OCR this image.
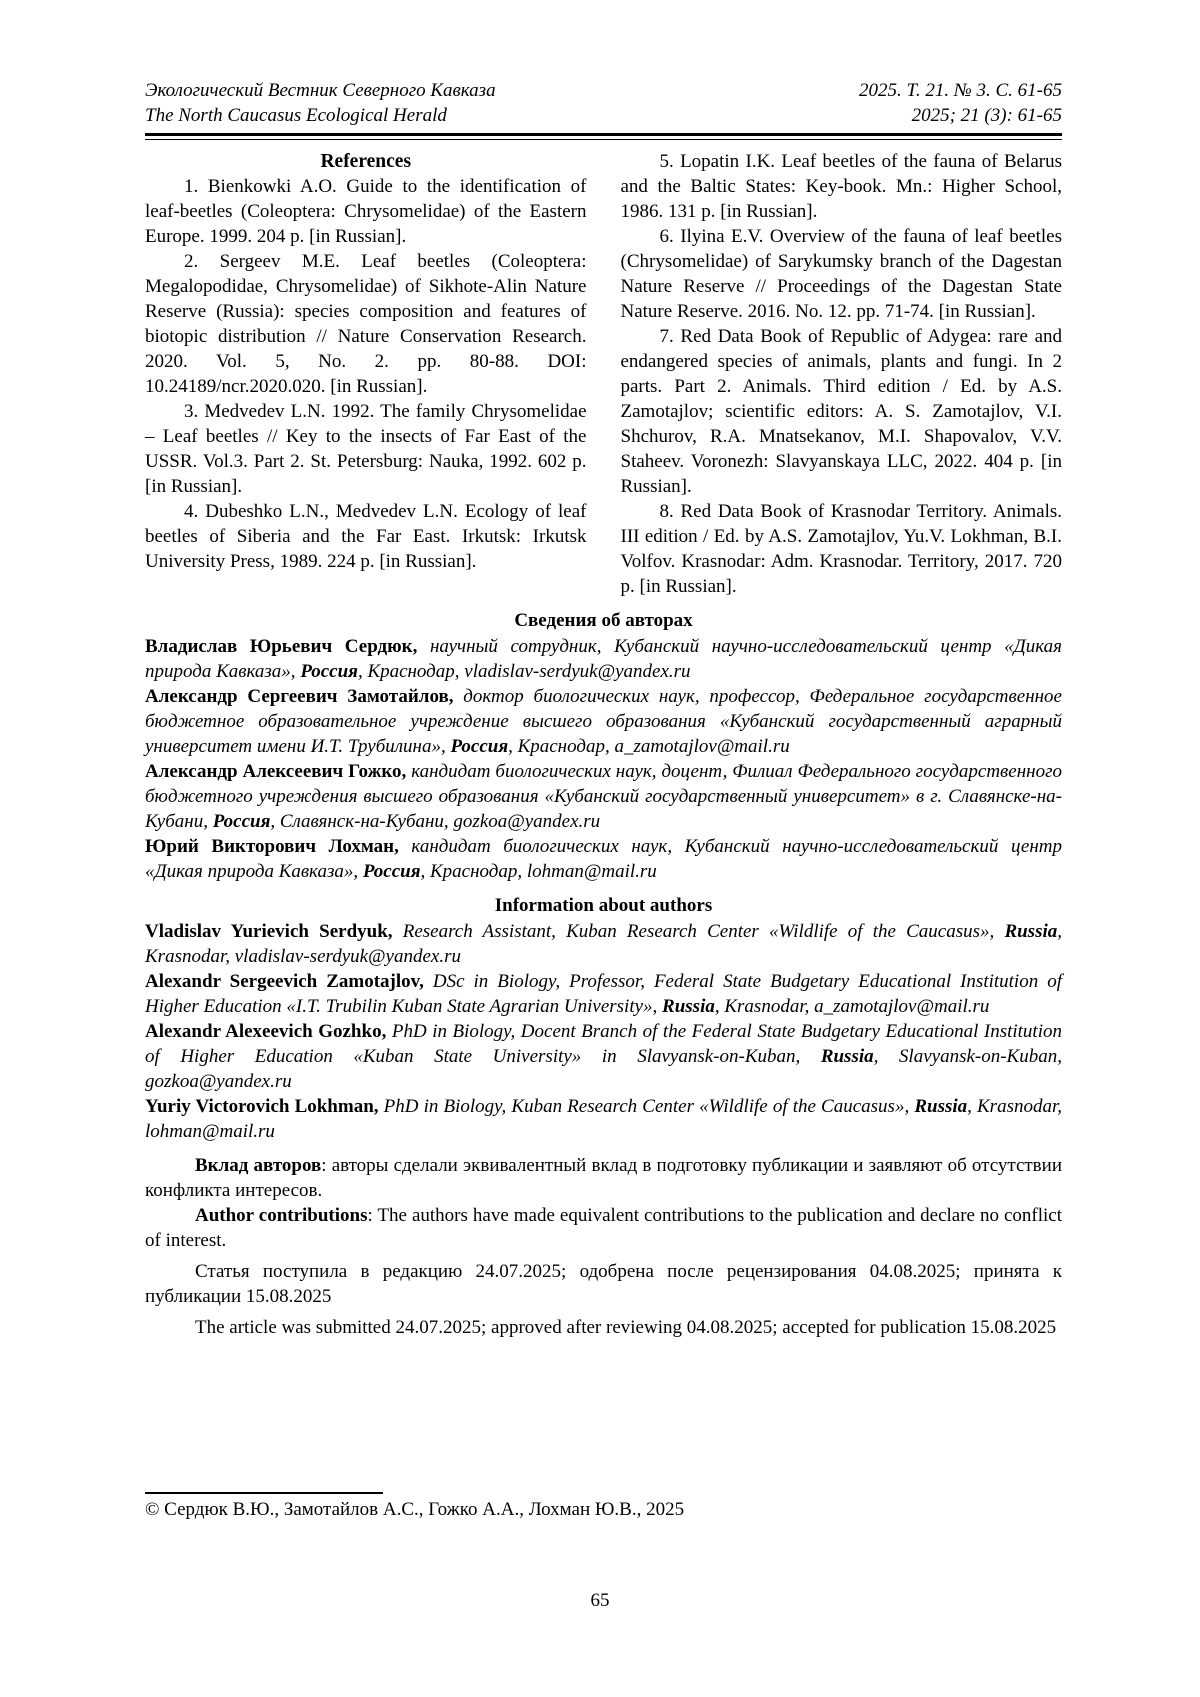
Экологический Вестник Северного Кавказа	2025. Т. 21. № 3. С. 61-65
The North Caucasus Ecological Herald	2025; 21 (3): 61-65
References

1. Bienkowki A.O. Guide to the identification of leaf-beetles (Coleoptera: Chrysomelidae) of the Eastern Europe. 1999. 204 p. [in Russian].

2. Sergeev M.E. Leaf beetles (Coleoptera: Megalopodidae, Chrysomelidae) of Sikhote-Alin Nature Reserve (Russia): species composition and features of biotopic distribution // Nature Conservation Research. 2020. Vol. 5, No. 2. pp. 80-88. DOI: 10.24189/ncr.2020.020. [in Russian].

3. Medvedev L.N. 1992. The family Chrysomelidae – Leaf beetles // Key to the insects of Far East of the USSR. Vol.3. Part 2. St. Petersburg: Nauka, 1992. 602 p. [in Russian].

4. Dubeshko L.N., Medvedev L.N. Ecology of leaf beetles of Siberia and the Far East. Irkutsk: Irkutsk University Press, 1989. 224 p. [in Russian].

5. Lopatin I.K. Leaf beetles of the fauna of Belarus and the Baltic States: Key-book. Mn.: Higher School, 1986. 131 p. [in Russian].

6. Ilyina E.V. Overview of the fauna of leaf beetles (Chrysomelidae) of Sarykumsky branch of the Dagestan Nature Reserve // Proceedings of the Dagestan State Nature Reserve. 2016. No. 12. pp. 71-74. [in Russian].

7. Red Data Book of Republic of Adygea: rare and endangered species of animals, plants and fungi. In 2 parts. Part 2. Animals. Third edition / Ed. by A.S. Zamotajlov; scientific editors: A. S. Zamotajlov, V.I. Shchurov, R.A. Mnatsekanov, M.I. Shapovalov, V.V. Staheev. Voronezh: Slavyanskaya LLC, 2022. 404 p. [in Russian].

8. Red Data Book of Krasnodar Territory. Animals. III edition / Ed. by A.S. Zamotajlov, Yu.V. Lokhman, B.I. Volfov. Krasnodar: Adm. Krasnodar. Territory, 2017. 720 p. [in Russian].

Сведения об авторах

Владислав Юрьевич Сердюк, научный сотрудник, Кубанский научно-исследовательский центр «Дикая природа Кавказа», Россия, Краснодар, vladislav-serdyuk@yandex.ru

Александр Сергеевич Замотайлов, доктор биологических наук, профессор, Федеральное государственное бюджетное образовательное учреждение высшего образования «Кубанский государственный аграрный университет имени И.Т. Трубилина», Россия, Краснодар, a_zamotajlov@mail.ru

Александр Алексеевич Гожко, кандидат биологических наук, доцент, Филиал Федерального государственного бюджетного учреждения высшего образования «Кубанский государственный университет» в г. Славянске-на-Кубани, Россия, Славянск-на-Кубани, gozkoa@yandex.ru

Юрий Викторович Лохман, кандидат биологических наук, Кубанский научно-исследовательский центр «Дикая природа Кавказа», Россия, Краснодар, lohman@mail.ru

Information about authors

Vladislav Yurievich Serdyuk, Research Assistant, Kuban Research Center «Wildlife of the Caucasus», Russia, Krasnodar, vladislav-serdyuk@yandex.ru

Alexandr Sergeevich Zamotajlov, DSc in Biology, Professor, Federal State Budgetary Educational Institution of Higher Education «I.T. Trubilin Kuban State Agrarian University», Russia, Krasnodar, a_zamotajlov@mail.ru

Alexandr Alexeevich Gozhko, PhD in Biology, Docent Branch of the Federal State Budgetary Educational Institution of Higher Education «Kuban State University» in Slavyansk-on-Kuban, Russia, Slavyansk-on-Kuban, gozkoa@yandex.ru

Yuriy Victorovich Lokhman, PhD in Biology, Kuban Research Center «Wildlife of the Caucasus», Russia, Krasnodar, lohman@mail.ru

Вклад авторов: авторы сделали эквивалентный вклад в подготовку публикации и заявляют об отсутствии конфликта интересов.

Author contributions: The authors have made equivalent contributions to the publication and declare no conflict of interest.

Статья поступила в редакцию 24.07.2025; одобрена после рецензирования 04.08.2025; принята к публикации 15.08.2025

The article was submitted 24.07.2025; approved after reviewing 04.08.2025; accepted for publication 15.08.2025

© Сердюк В.Ю., Замотайлов А.С., Гожко А.А., Лохман Ю.В., 2025

65
